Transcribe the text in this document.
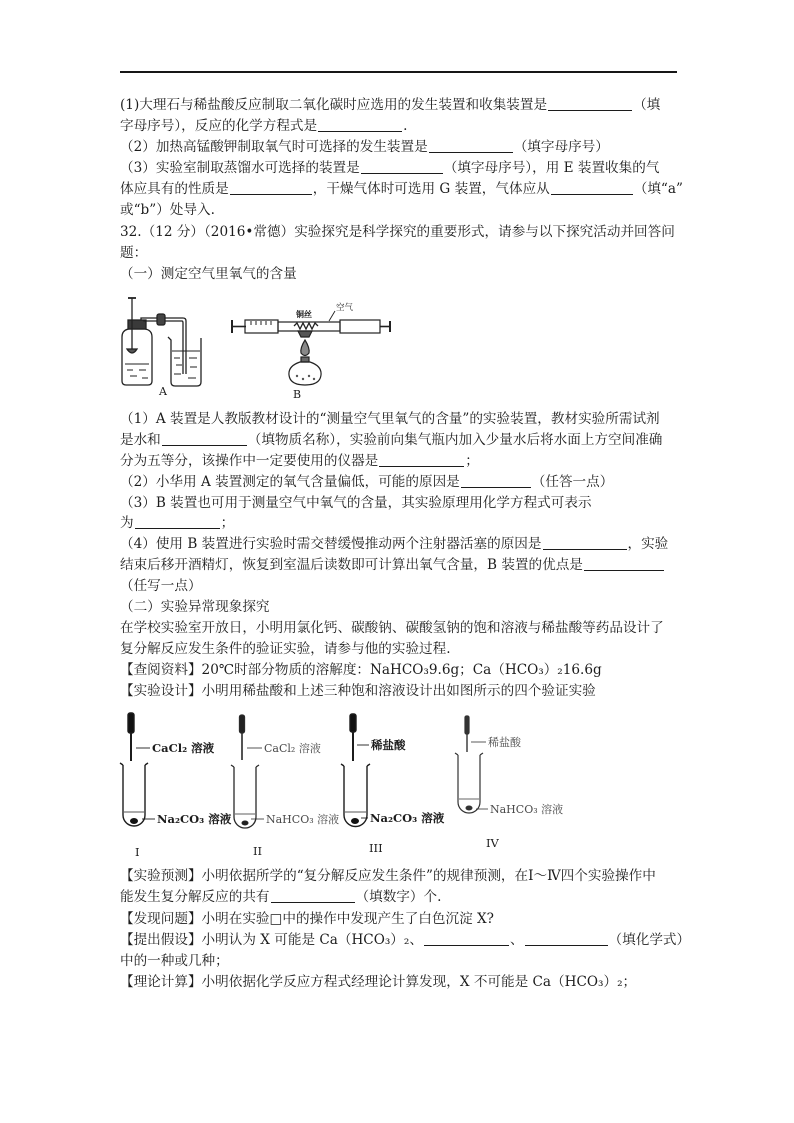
(1)大理石与稀盐酸反应制取二氧化碳时应选用的发生装置和收集装置是	（填
字母序号），反应的化学方程式是	.
（2）加热高锰酸钾制取氧气时可选择的发生装置是	（填字母序号）
（3）实验室制取蒸馏水可选择的装置是	（填字母序号），用 E 装置收集的气
体应具有的性质是	，干燥气体时可选用 G 装置，气体应从	（填“a”
或“b”）处导入.
32.（12 分）（2016•常德）实验探究是科学探究的重要形式，请参与以下探究活动并回答问
题：
（一）测定空气里氧气的含量
A
铜丝
空气
B
（1）A 装置是人教版教材设计的“测量空气里氧气的含量”的实验装置，教材实验所需试剂
是水和	（填物质名称），实验前向集气瓶内加入少量水后将水面上方空间准确
分为五等分，该操作中一定要使用的仪器是	；
（2）小华用 A 装置测定的氧气含量偏低，可能的原因是	（任答一点）
（3）B 装置也可用于测量空气中氧气的含量，其实验原理用化学方程式可表示
为	；
（4）使用 B 装置进行实验时需交替缓慢推动两个注射器活塞的原因是	，实验
结束后移开酒精灯，恢复到室温后读数即可计算出氧气含量，B 装置的优点是
（任写一点）
（二）实验异常现象探究
在学校实验室开放日，小明用氯化钙、碳酸钠、碳酸氢钠的饱和溶液与稀盐酸等药品设计了
复分解反应发生条件的验证实验，请参与他的实验过程.
【查阅资料】20℃时部分物质的溶解度：NaHCO₃9.6g；Ca（HCO₃）₂16.6g
【实验设计】小明用稀盐酸和上述三种饱和溶液设计出如图所示的四个验证实验
CaCl₂ 溶液
Na₂CO₃ 溶液
I
CaCl₂ 溶液
NaHCO₃ 溶液
II
稀盐酸
Na₂CO₃ 溶液
III
稀盐酸
NaHCO₃ 溶液
IV
【实验预测】小明依据所学的“复分解反应发生条件”的规律预测，在Ⅰ～Ⅳ四个实验操作中
能发生复分解反应的共有	（填数字）个.
【发现问题】小明在实验□中的操作中发现产生了白色沉淀 X?
【提出假设】小明认为 X 可能是 Ca（HCO₃）₂、	、	（填化学式）
中的一种或几种；
【理论计算】小明依据化学反应方程式经理论计算发现，X 不可能是 Ca（HCO₃）₂；
